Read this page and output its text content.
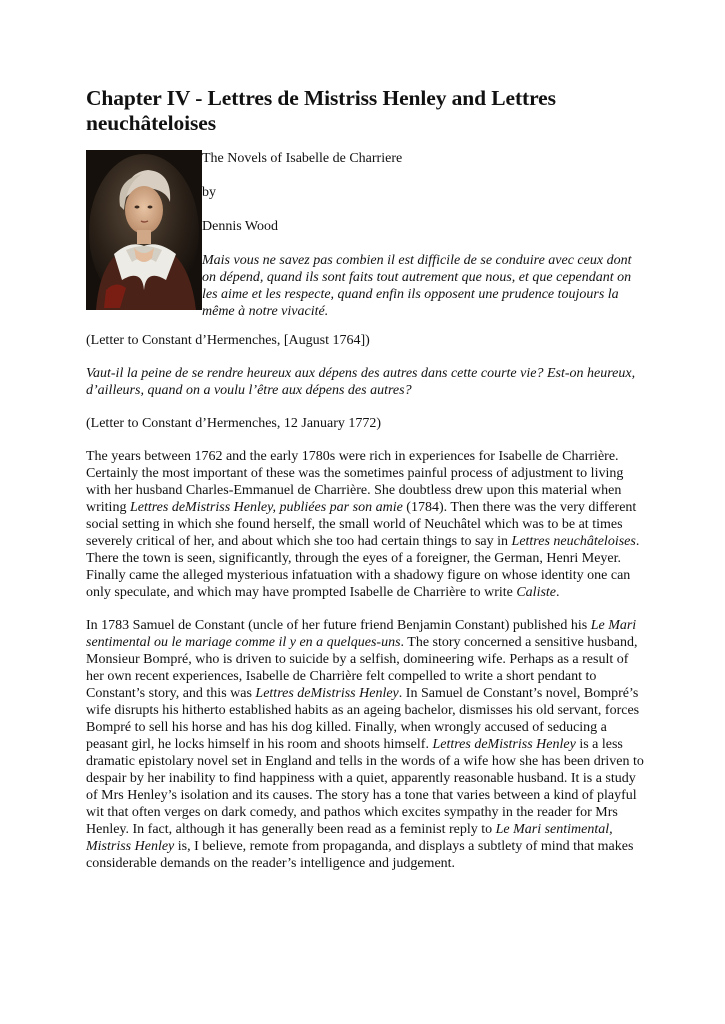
Chapter IV - Lettres de Mistriss Henley and Lettres neuchâteloises

The Novels of Isabelle de Charriere

by

Dennis Wood

Mais vous ne savez pas combien il est difficile de se conduire avec ceux dont on dépend, quand ils sont faits tout autrement que nous, et que cependant on les aime et les respecte, quand enfin ils opposent une prudence toujours la même à notre vivacité.

(Letter to Constant d’Hermenches, [August 1764])

Vaut-il la peine de se rendre heureux aux dépens des autres dans cette courte vie? Est-on heureux, d’ailleurs, quand on a voulu l’être aux dépens des autres?

(Letter to Constant d’Hermenches, 12 January 1772)

The years between 1762 and the early 1780s were rich in experiences for Isabelle de Charrière. Certainly the most important of these was the sometimes painful process of adjustment to living with her husband Charles-Emmanuel de Charrière. She doubtless drew upon this material when writing Lettres deMistriss Henley, publiées par son amie (1784). Then there was the very different social setting in which she found herself, the small world of Neuchâtel which was to be at times severely critical of her, and about which she too had certain things to say in Lettres neuchâteloises. There the town is seen, significantly, through the eyes of a foreigner, the German, Henri Meyer. Finally came the alleged mysterious infatuation with a shadowy figure on whose identity one can only speculate, and which may have prompted Isabelle de Charrière to write Caliste.

In 1783 Samuel de Constant (uncle of her future friend Benjamin Constant) published his Le Mari sentimental ou le mariage comme il y en a quelques-uns. The story concerned a sensitive husband, Monsieur Bompré, who is driven to suicide by a selfish, domineering wife. Perhaps as a result of her own recent experiences, Isabelle de Charrière felt compelled to write a short pendant to Constant’s story, and this was Lettres deMistriss Henley. In Samuel de Constant’s novel, Bompré’s wife disrupts his hitherto established habits as an ageing bachelor, dismisses his old servant, forces Bompré to sell his horse and has his dog killed. Finally, when wrongly accused of seducing a peasant girl, he locks himself in his room and shoots himself. Lettres deMistriss Henley is a less dramatic epistolary novel set in England and tells in the words of a wife how she has been driven to despair by her inability to find happiness with a quiet, apparently reasonable husband. It is a study of Mrs Henley’s isolation and its causes. The story has a tone that varies between a kind of playful wit that often verges on dark comedy, and pathos which excites sympathy in the reader for Mrs Henley. In fact, although it has generally been read as a feminist reply to Le Mari sentimental, Mistriss Henley is, I believe, remote from propaganda, and displays a subtlety of mind that makes considerable demands on the reader’s intelligence and judgement.
